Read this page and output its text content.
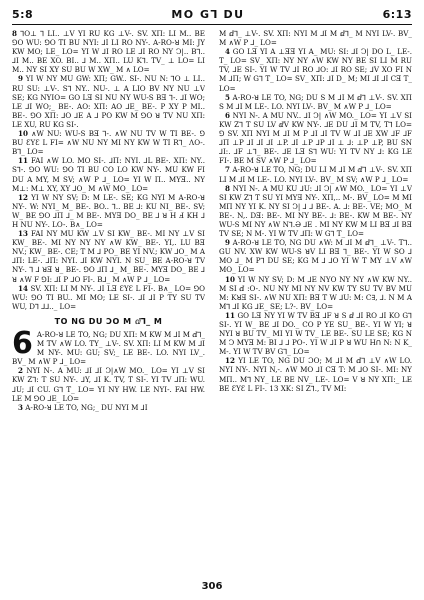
5:8	MO G⅂ DU	6:13

8 ⅂O⊥ ⅂ LI.. ⊥V YI RU KG ⊥V-. SV. XΠ: LI M.. BE ⅁O WU: ⅁O TI BU NYI: ⅃I LI RO NY-. A-RO-ꓤ MI: JY KW MO; LE_ LO= YI W ⅃I RO LE ⅃I RO NY Ↄ|.. B⅂.. ⅃I M.. BE XO. BI.. ⅃ M.. XΠ.. LU K⅂. TV_ ⊥ LO= LI M.. NY SI XY SU BU W XW_ M ∧ LO=

9 YI W NY MU GW: XΠ; GW.. SI-. NU N: ⅂O ⊥ LI.. RU SU: ⊥V-. S⅂ NY.. NU-. ⊥ A LIO BV NY NU ⊥V SE; KG NYIO= GO LƎ SI NU NY WU-S BƎ ⅂-. ⅃I WO; LE ⅃I WO;_ BE-. AO: XΠ: AO ⅃E_ BE-. P XY P MI.. BE-. ⅁O XΠ: ⅃O ⅃E A ⅃ PO KW M ⅁O ꓤ TV NU XΠ: LE XU, RU KG SI-.

10 ∧W NU: WU-S BƎ ⅂-. ∧W NU TV W TI BE-. ⅁ BU ƐYƐ L FI= ∧W NU NY MI NY KW W TI R⅂_ ΛO-. B⅂_ LO=

11 FAI ∧W LO. MO SI-. ⅃Π: NYI. ⅃L BE-. XΠ: NY.. S⅂-. ⅁O WU: ⅁O TI BU CO LO KW NY-. MU KW FI DU A MY, M SV; ∧W P ⅃_ LO= YI W Π.. MYƎ.. NY M⊥: M⊥ XY, XY ⅃O_ M ∧W MO_ LO=

12 YI W NY SV; D: M LE-. SE; KG NYI M A-RO-ꓤ NY-. W: NYI_ M_ BE-. BO.. ⅂.. BE ⅃: KU NI_ BE-. SV; W_ BE ⅁O ⅃Π ⅃_ M BE-. MYƎ DO_ BE ⅃ ꓤ H Ⅎ KH ⅃ H NU NY-. LO-. B∧_ LO=

13 FAI NY MU KW ⊥V SI KW_ BE-. MI NY ⊥V SI KW_ BE-. MI NY NY NY ∧W KW_ BE-. YI,. LU BƎ NV.; KW_ BE-. CE; T M ⅃ PO_ BE YI NV.; KW ⅃O_ M A ⅃Π: LE-. ⅃Π: NYI. ⅃I KW NYI. N SU_ BE A-RO-ꓤ TV NY-. ⅂ ⅃ ꓤƎ ꓤ_ BE-. ⅁O ⅃Π ⅃_ M_ BE-. MYƎ DO_ BE ⅃ ꓤ ∧W F ⅁I: ⅃I P ⅃O FI-. B⅃_ M ∧W P ⅃_ LO=

14 SV. XΠ: LI M NY-. ⅃I LƎ ƐYƐ L FI-. B∧_ LO= ⅁O WU: ⅁O TI BU.. MI MO; LE SI-. ⅃I ⅃I P TY SU TV WU, D⅂ ⅃⅃.._ LO=

TO NG DU ƆO M ⅆ⅂_ M
6 A-RO-ꓤ LE TO, NG; DU XΠ: M KW M ⅃I M ⅆ⅂_ M TV ∧W LO. TY_ ⊥V-. SV. XΠ: LI M KW M ⅃I M NY-. MU: GU; SV;_ LE BE-. LO. NYI LV_. BV_ M ∧W P ⅃_ LO=

2 NYI N-. A MU: ⅃I ⅃I Ↄ|∧W MO._ LO= YI ⊥V SI KW Z⅂: T SU NY-. ⅃Y, ⅃I K. TV, T SI-. YI TV ⅃Π: WU. ⅃U; ⅃I CU. G⅂ T_ LO= YI NY HW. LE NYI-. FAI HW. LE M ⅁O ⅃E_ LO=

3 A-RO-ꓤ LE TO, NG;_ DU NYI M ⅃I

M ⅆ⅂_ ⊥V-. SV. XΠ: NYI M ⅃I M ⅆ⅂_ M NYI LV-. BV_ M ∧W P ⅃_ LO=

4 GO LƎ YI A ⊥ƎƎ YI A_ MU: SI: ⅃I Ↄ| DO L_ LE-. T_ LO= SV_ XΠ: NY NY ∧W KW NY BE SI LI M RU TV, ⅃E SI-. YI W TV ⅃I RO ⅃O: ⅃I RO SE; ⅃V XO FI N M ⅃Π; W G⅂ T_ LO= SV_ XΠ: ⅃I D_ M; MI ⅃I ⅃I CƎ T_ LO=

5 A-RO-ꓤ LE TO, NG; DU S M ⅃I M ⅆ⅂ ⊥V-. SV. XΠ S M ⅃I M LE-. LO. NYI LV-. BV_ M ∧W P ⅃_ LO=

6 NYI N-. A MU NV.. ⅃I Ↄ| ∧W MO._ LO= YI ⊥V SI KW Z⅂ T SU LV ⅆV KW NY-. ⅃E DU ⅃I M TV, T⅂ LO= ⅁ SV. XΠ NYI M ⅃I M P ⅃I ⅃I TV W ⅃I ⅃E XW ⅃F ⅃F ⅃Π ⊥P ⅃I ⅃I ⅃I ⊥P. ⅃I ⊥P ⅃P ⅃I ⊥ ⅃: ⊥P ⊥P, BU SN ⅃I:. ⅃F ⊥⅂_ BE-. ⅃E LƎ S⅂ WU: YI TV NY ⅃: KG LE FI-. BE M SV ∧W P ⅃_ LO=

7 A-RO-ꓤ LE TO, NG; DU LI M ⅃I M ⅆ⅂ ⊥V-. SV. XΠ LI M ⅃I M LE-. LO. NYI LV-. BV_ M SV; ∧W P ⅃_ LO=

8 NYI N-. A MU KU ⅃U: ⅃I Ↄ| ∧W MO._ LO= YI ⊥V SI KW Z⅂ T SU YI MYƎ NY-. XΠ,.. M-. BV_ LO= M MI MΠ NY YI K. NY SI Ↄ| ⅃ ⅃ BE-. A. ⅃: BE-. VE; MO_ M BE-. N,. DƎ: BE-. MI NY BE-. ⅃: BE-. KW M BE-. NY WU-S MI NY ∧W N⅂.Ə ⅃E . MI NY KW M LI BƎ ⅃I BƎ TV SE; N M-. YI W TV ⅃Π: W G⅂ T_ LO=

9 A-RO-ꓤ LE TO, NG DU ∧W: M ⅃I M ⅆ⅂_ ⊥V-. T⅂.. GU NV. XW KW WU-S ꓤV LI BƎ ⅂_ BE-. YI W SO ⅃ MO ⅃_ M P⅂ DU SE; KG M ⅃ ⅃O YI W T MY ⊥V ∧W MO_ LO=

10 YI W NY SV; D: M ⅃E NYO NY NY ∧W KW NY.. M SI ⅆ :O-. NU NY MI NY NV KW TY SU TV BV MU M: KꓤƎ SI-. ∧W NU XΠ: BƎ T W ⅃U: M: C∃, ⅃. N M A M⅂ ⅃I KG ⅃E_ SE; L?-. BV_ LO=

11 GO LƎ NY YI W TV BƎ ⅃F ꓤ S ⅆ ⅃I RO ⅃I KO G⅂ SI-. YI W_ BE ⅃I DO._ CO P YE SU_ BE-. YI W YI; ꓤ NYI ꓤ BU TV_ MI YI W TV_ LE BE-. SU LE SE; KG N M Ↄ MYƎ M: BI ⅃ ⅃ PO-. YI W ⅃I P ꓤ WU Hꓵ N: N K_ M-. YI W TV BV G⅂_ LO=

12 YI LE TO, NG DU ƆO; M ⅃I M ⅆ⅂ ⊥V ∧W LO. NYI NY-. NYI N,-. ∧W MO ⅃I CƎ T: M ⅃O SI-. MI: NY MΠ.. M⅂ NY_ LE BE NV_ LE-. LO= V ꓤ NY XΠ:_ LE BE ƐYƐ L FI-. 13 XK: SI Z⅂., TV MI:

306
